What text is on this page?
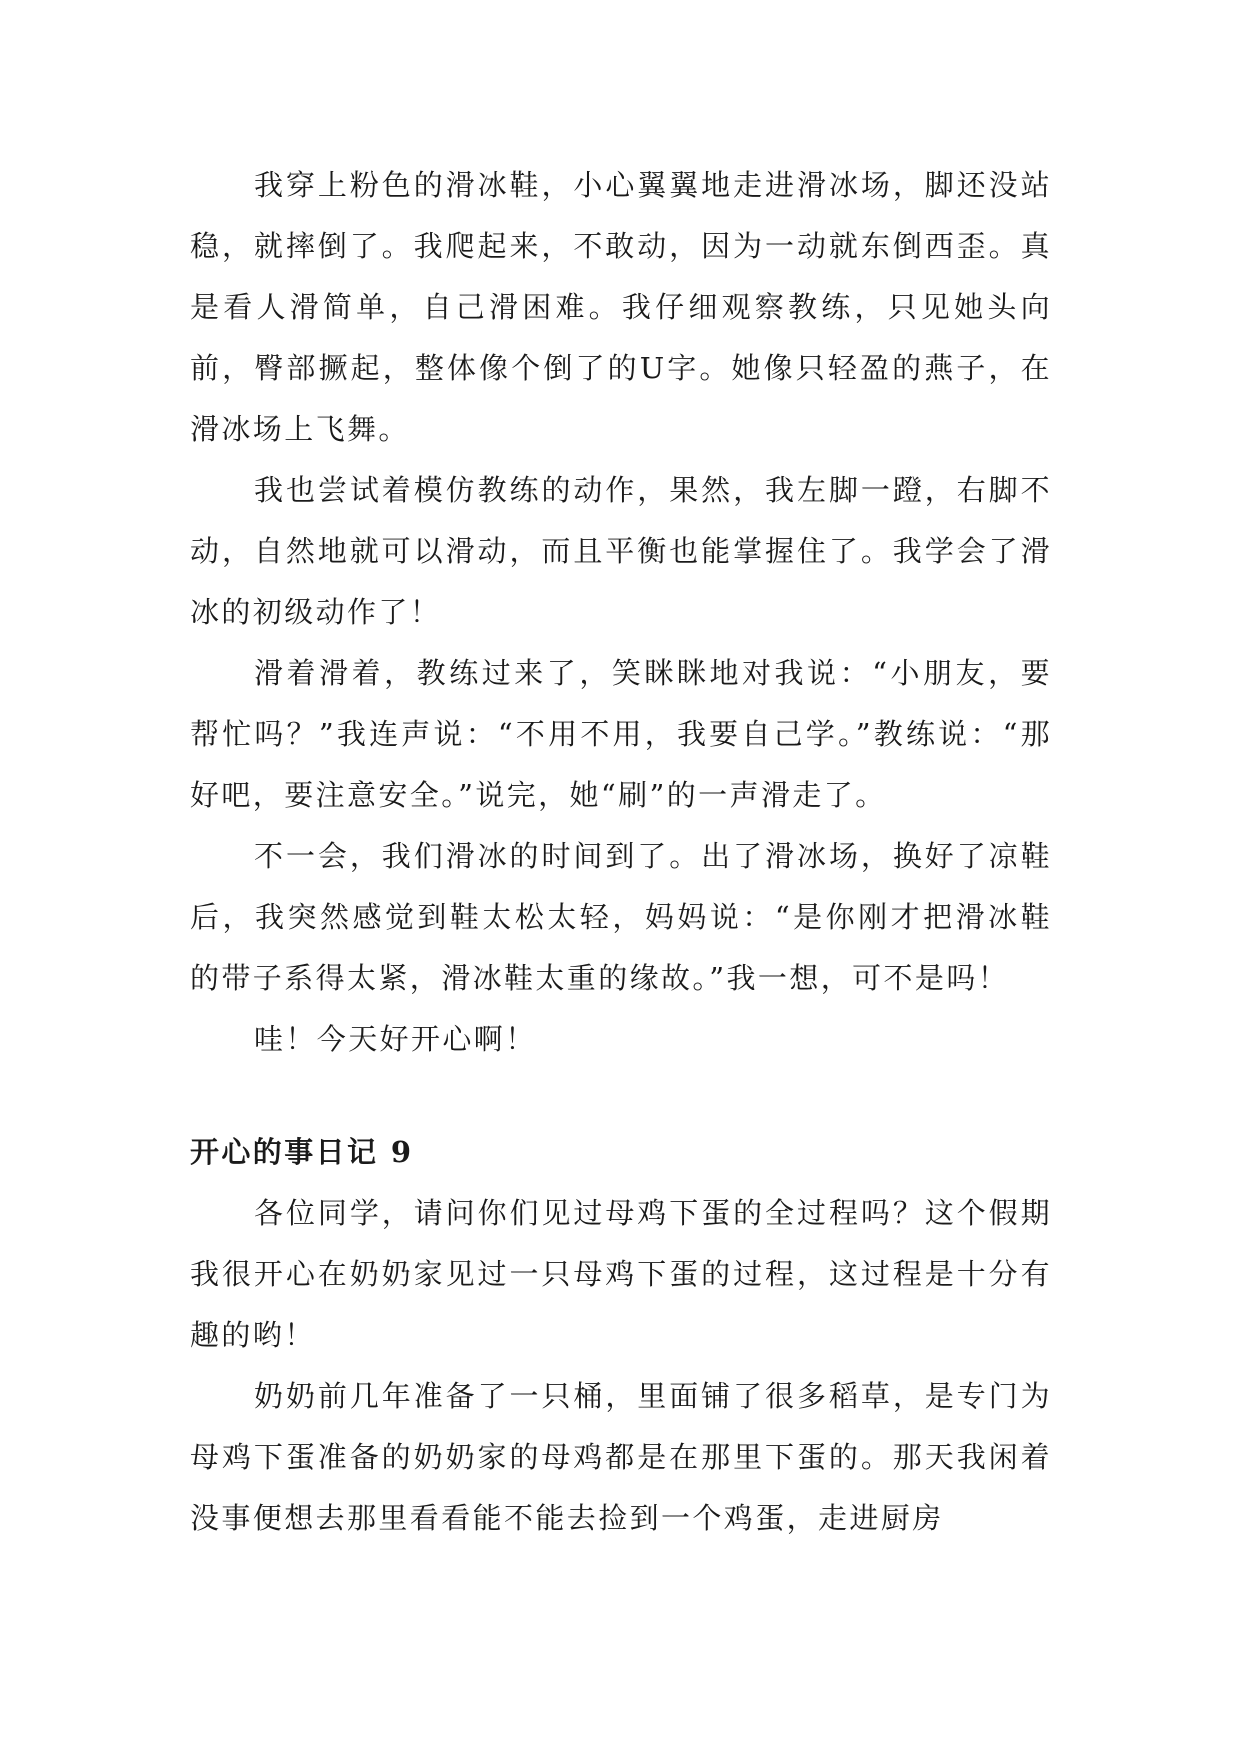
我穿上粉色的滑冰鞋，小心翼翼地走进滑冰场，脚还没站稳，就摔倒了。我爬起来，不敢动，因为一动就东倒西歪。真是看人滑简单，自己滑困难。我仔细观察教练，只见她头向前，臀部撅起，整体像个倒了的U字。她像只轻盈的燕子，在滑冰场上飞舞。

我也尝试着模仿教练的动作，果然，我左脚一蹬，右脚不动，自然地就可以滑动，而且平衡也能掌握住了。我学会了滑冰的初级动作了！

滑着滑着，教练过来了，笑眯眯地对我说：“小朋友，要帮忙吗？”我连声说：“不用不用，我要自己学。”教练说：“那好吧，要注意安全。”说完，她“刷”的一声滑走了。

不一会，我们滑冰的时间到了。出了滑冰场，换好了凉鞋后，我突然感觉到鞋太松太轻，妈妈说：“是你刚才把滑冰鞋的带子系得太紧，滑冰鞋太重的缘故。”我一想，可不是吗！

哇！今天好开心啊！

开心的事日记 9

各位同学，请问你们见过母鸡下蛋的全过程吗？这个假期我很开心在奶奶家见过一只母鸡下蛋的过程，这过程是十分有趣的哟！

奶奶前几年准备了一只桶，里面铺了很多稻草，是专门为母鸡下蛋准备的奶奶家的母鸡都是在那里下蛋的。那天我闲着没事便想去那里看看能不能去捡到一个鸡蛋，走进厨房
